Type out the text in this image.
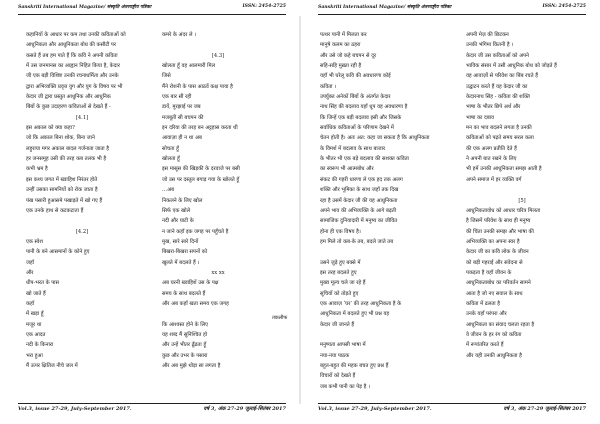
Sanskriti International Magazine/ संस्कृति अंतरराष्ट्रीय पत्रिका	ISSN: 2454-2725
कहानियों के आधार पर कम तथा उनकी कविताओं को
आधुनिकता और आधुनिकता बोध की कसौटी पर
कसते हैं तब हम पाते हैं कि कवि ने अपनी कविता
में उस जनमानस का आह्वान निहित किया है, केदार
जी एक बड़ी विशिष्ट उनकी रचनाधर्मिता और उनके
द्वारा अभिव्यक्ति प्रवृत्त युग और युग के विषय पर भी
केदार जी द्वारा प्रस्तुत आधुनिक और आधुनिक
बिंबों के कुछ उदाहरण कविताओं से देखते हैं -
[4.1]
इस अकाल को क्या कहा?
जो कि अकाल बिना शोक, बिना जाने
लहुराया मगर अकाल बादल गर्जनाता जाता है
हर जनसमूह उसी की तरह कब तलक भी है
कभी भ्रम है
इस कथ्य जगत में ख्वाहिश निरंतर होते
उन्हीं उसका सामनियों को रोक जाता है
पंख पसारी हुआसमे पखाड़ते में खो गए हैं
एक उनके हाथ से कटकटाता हैं
[4.2]
एक स्वेश
पानी के बने आसमानों के कोने हुए
जहाँ
और
धीप-भरत के पास
खो जाते हैं
कहाँ
में खड़ा हूँ
मजूर था
एक आदत
नदी के किनारा
भरा हुआ
मैं ऊपर क्षितिज नीचे जल में
कमरे के अंदर ले ।
[4.3]
खोलता हूँ वह आलमारी मिल
जिसे
मैंने रोशनी के पास आठवें कक्ष पाया है
एक बार सी रही
डायें, मुरझाई पर जब
मजबूती सी बचपन की
इन दरिया की तरह बन अट्टहास करता थी
आवाज़ा ही न था अब
सोचता हूँ
खोलता हूँ
इस मासूस की खिड़की के दरवाजे पर बसी
जो उस पर दस्तूल बगाड़ गया के खोलते हूँ
…अब
निकलने के लिए खोल
सिर्फ एक खोले
नदी और घाटी के
न जाने कहाँ इक जगह पर पहुँचते है
मुख, सारे सारे दिनों
बिखरा-बिखरा सपनों को
खुलते में बदलते हैं ।
xx xx
अब घरनी ख्वाहिशें उस के पक्ष
समय के साथ बदलते हैं
और अब कहाँ खता समय एक जगह
कि आश्वस्त होने के लिए
यह शब्द मैं सुनिश्चित हो
और उन्हें भीतर ढूँढता हूँ
कुछ और उभर के पसारा
और अब मुझे थोड़ा सा लगता है
तकलीफ
Vol.3, issue 27-29, July-September 2017.	वर्ष 3, अंक 27-29 जुलाई-सितंबर 2017
Sanskriti International Magazine/ संस्कृति अंतरराष्ट्रीय पत्रिका	ISSN: 2454-2725
पत्थर पानी में मिलता कर
मानुषे कलम का ठहरा
और उसे जो कहे बचपन से दूर
सहि-सहि मुख़्ता रही है
यहाँ भी घरेलू कवि की अवधारणा कोई
कविता ।
उपर्युक्त अनेकों बिंबों के अंतर्गत केदार
नाथ सिंह की बदलाव यहाँ धूप वह अवधारणा है
कि जिन्हें एक बड़ी बदलाव इसी और जिसके
सर्वाधिक कविताओं के परिणाम देखने में
चेतन होती है। अतः अत: कहा जा सकता है कि आधुनिकता
के विमर्श में बदलाव के साथ बाजार
के भीतर भी एक बड़े बदलाव की सशक्त कविता
का स्वरूप भी आत्मबोध और
संकट की गहरी धारणा ले एक हद तक अलग
शक्ति और भूमिका के साथ जहाँ तक दिख
रहा है उसमें केदार जी की यह आधुनिकता
अपने भाव की अभिव्यक्ति के आगे बढ़ती
सामाजिक दुनियादारी में मनुष्य का जीवित
होना ही एक विषय है।
हम मिले तो कब-के तब, बदले जाते तब
उसने जुड़े हुए बक्से में
इस तरह बदलते हुए
मुख्य मूल्य चले जा रहे हैं
सूचियों को तोड़ते हुए
एक आवाज़ ‘घर’ की तरह आधुनिकता है के
आधुनिकता में बदलते हुए भी प्रश्न यह
केदार जी जानते हैं
मनुष्यता आपसी भाषा में
नया-नया पाठक
बहुत-बहुत की महक बचत हुए प्रश्न हैं
विचारों को देखते हैं
जब कभी पानी का पेड़ है ।
अपनी मेज़ की छिटकन
उनकी भंगिमा कितनी है ।
केदार जी उस कविताओं को अपने
भाविक संसार में उसी आधुनिक बोध को जोड़ते हैं
वह आवाज़ों से परिवेश का बिंब रचते हैं
उद्घाटन करते हैं यह केदार जी का
केदारनाथ सिंह - कविता की शक्ति
भाषा के भीतर छिपे अर्थ और
भाषा का दबाव
मन का भाव बदलने लगता है उनकी
कविताओं को पढ़ते समय सरल कला
की एक अलग प्रतीति देते हैं
ने अपनी बात रखने के लिए
भी हमें उनकी आधुनिकता समझ आती है
अपने समाज में हर व्यक्ति वर्ग
[5]
आधुनिकतावोध को आधार चरित्र मिलता
है जिसमें परिवेश के साथ ही मनुष्य
की चिंता उनकी समझ और भाषा की
अभिव्यक्ति का अपना स्वर है
केदार जी का कवि लोक के जीवन
को बड़ी गहराई और संवेदना से
पकड़ता है यहाँ जीवन के
आधुनिकताबोध का परिवर्तन सामने
आता है जो नए सवाल के साथ
कविता में ढलता है
उनके यहाँ परंपरा और
आधुनिकता का संवाद चलता रहता है
वे जीवन के हर रंग को कविता
में रूपांतरित करते हैं
और यही उनकी आधुनिकता है
Vol.3, issue 27-29, July-September 2017.	वर्ष 3, अंक 27-29 जुलाई-सितंबर 2017
